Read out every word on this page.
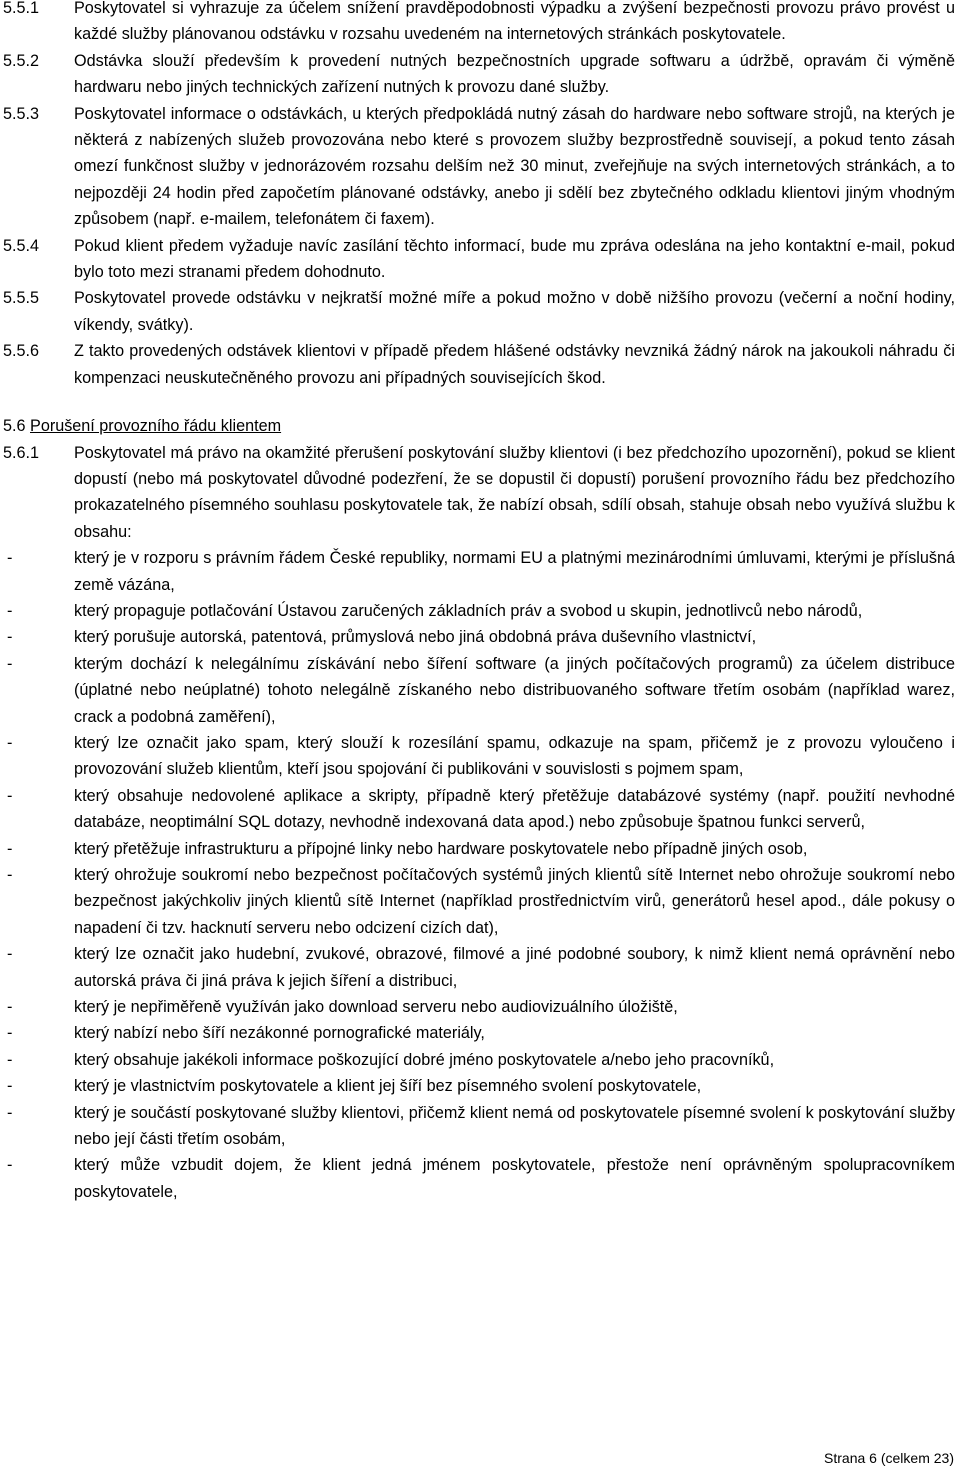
5.5.1	Poskytovatel si vyhrazuje za účelem snížení pravděpodobnosti výpadku a zvýšení bezpečnosti provozu právo provést u každé služby plánovanou odstávku v rozsahu uvedeném na internetových stránkách poskytovatele.
5.5.2	Odstávka slouží především k provedení nutných bezpečnostních upgrade softwaru a údržbě, opravám či výměně hardwaru nebo jiných technických zařízení nutných k provozu dané služby.
5.5.3	Poskytovatel informace o odstávkách, u kterých předpokládá nutný zásah do hardware nebo software strojů, na kterých je některá z nabízených služeb provozována nebo které s provozem služby bezprostředně souvisejí, a pokud tento zásah omezí funkčnost služby v jednorázovém rozsahu delším než 30 minut, zveřejňuje na svých internetových stránkách, a to nejpozději 24 hodin před započetím plánované odstávky, anebo ji sdělí bez zbytečného odkladu klientovi jiným vhodným způsobem (např. e-mailem, telefonátem či faxem).
5.5.4	Pokud klient předem vyžaduje navíc zasílání těchto informací, bude mu zpráva odeslána na jeho kontaktní e-mail, pokud bylo toto mezi stranami předem dohodnuto.
5.5.5	Poskytovatel provede odstávku v nejkratší možné míře a pokud možno v době nižšího provozu (večerní a noční hodiny, víkendy, svátky).
5.5.6	Z takto provedených odstávek klientovi v případě předem hlášené odstávky nevzniká žádný nárok na jakoukoli náhradu či kompenzaci neuskutečněného provozu ani případných souvisejících škod.
5.6
Porušení provozního řádu klientem
5.6.1	Poskytovatel má právo na okamžité přerušení poskytování služby klientovi (i bez předchozího upozornění), pokud se klient dopustí (nebo má poskytovatel důvodné podezření, že se dopustil či dopustí) porušení provozního řádu bez předchozího prokazatelného písemného souhlasu poskytovatele tak, že nabízí obsah, sdílí obsah, stahuje obsah nebo využívá službu k obsahu:
-	který je v rozporu s právním řádem České republiky, normami EU a platnými mezinárodními úmluvami, kterými je příslušná země vázána,
-	který propaguje potlačování Ústavou zaručených základních práv a svobod u skupin, jednotlivců nebo národů,
-	který porušuje autorská, patentová, průmyslová nebo jiná obdobná práva duševního vlastnictví,
-	kterým dochází k nelegálnímu získávání nebo šíření software (a jiných počítačových programů) za účelem distribuce (úplatné nebo neúplatné) tohoto nelegálně získaného nebo distribuovaného software třetím osobám (například warez, crack a podobná zaměření),
-	který lze označit jako spam, který slouží k rozesílání spamu, odkazuje na spam, přičemž je z provozu vyloučeno i provozování služeb klientům, kteří jsou spojování či publikováni v souvislosti s pojmem spam,
-	který obsahuje nedovolené aplikace a skripty, případně který přetěžuje databázové systémy (např. použití nevhodné databáze, neoptimální SQL dotazy, nevhodně indexovaná data apod.) nebo způsobuje špatnou funkci serverů,
-	který přetěžuje infrastrukturu a přípojné linky nebo hardware poskytovatele nebo případně jiných osob,
-	který ohrožuje soukromí nebo bezpečnost počítačových systémů jiných klientů sítě Internet nebo ohrožuje soukromí nebo bezpečnost jakýchkoliv jiných klientů sítě Internet (například prostřednictvím virů, generátorů hesel apod., dále pokusy o napadení či tzv. hacknutí serveru nebo odcizení cizích dat),
-	který lze označit jako hudební, zvukové, obrazové, filmové a jiné podobné soubory, k nimž klient nemá oprávnění nebo autorská práva či jiná práva k jejich šíření a distribuci,
-	který je nepřiměřeně využíván jako download serveru nebo audiovizuálního úložiště,
-	který nabízí nebo šíří nezákonné pornografické materiály,
-	který obsahuje jakékoli informace poškozující dobré jméno poskytovatele a/nebo jeho pracovníků,
-	který je vlastnictvím poskytovatele a klient jej šíří bez písemného svolení poskytovatele,
-	který je součástí poskytované služby klientovi, přičemž klient nemá od poskytovatele písemné svolení k poskytování služby nebo její části třetím osobám,
-	který může vzbudit dojem, že klient jedná jménem poskytovatele, přestože není oprávněným spolupracovníkem poskytovatele,
Strana 6 (celkem 23)
